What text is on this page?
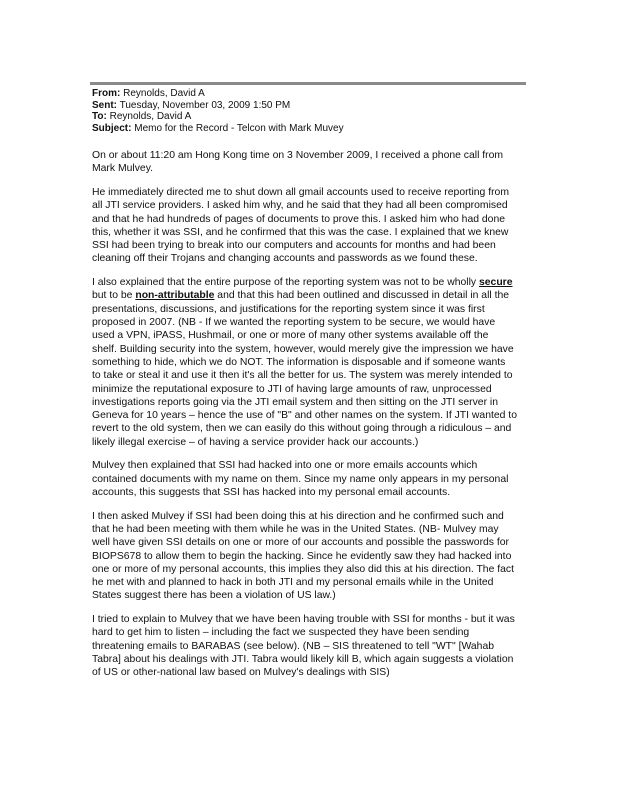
From: Reynolds, David A
Sent: Tuesday, November 03, 2009 1:50 PM
To: Reynolds, David A
Subject: Memo for the Record - Telcon with Mark Muvey

On or about 11:20 am Hong Kong time on 3 November 2009, I received a phone call from
Mark Mulvey.

He immediately directed me to shut down all gmail accounts used to receive reporting from
all JTI service providers. I asked him why, and he said that they had all been compromised
and that he had hundreds of pages of documents to prove this. I asked him who had done
this, whether it was SSI, and he confirmed that this was the case. I explained that we knew
SSI had been trying to break into our computers and accounts for months and had been
cleaning off their Trojans and changing accounts and passwords as we found these.

I also explained that the entire purpose of the reporting system was not to be wholly secure
but to be non-attributable and that this had been outlined and discussed in detail in all the
presentations, discussions, and justifications for the reporting system since it was first
proposed in 2007. (NB - If we wanted the reporting system to be secure, we would have
used a VPN, iPASS, Hushmail, or one or more of many other systems available off the
shelf. Building security into the system, however, would merely give the impression we have
something to hide, which we do NOT. The information is disposable and if someone wants
to take or steal it and use it then it's all the better for us. The system was merely intended to
minimize the reputational exposure to JTI of having large amounts of raw, unprocessed
investigations reports going via the JTI email system and then sitting on the JTI server in
Geneva for 10 years – hence the use of "B" and other names on the system. If JTI wanted to
revert to the old system, then we can easily do this without going through a ridiculous – and
likely illegal exercise – of having a service provider hack our accounts.)

Mulvey then explained that SSI had hacked into one or more emails accounts which
contained documents with my name on them. Since my name only appears in my personal
accounts, this suggests that SSI has hacked into my personal email accounts.

I then asked Mulvey if SSI had been doing this at his direction and he confirmed such and
that he had been meeting with them while he was in the United States. (NB- Mulvey may
well have given SSI details on one or more of our accounts and possible the passwords for
BIOPS678 to allow them to begin the hacking. Since he evidently saw they had hacked into
one or more of my personal accounts, this implies they also did this at his direction. The fact
he met with and planned to hack in both JTI and my personal emails while in the United
States suggest there has been a violation of US law.)

I tried to explain to Mulvey that we have been having trouble with SSI for months - but it was
hard to get him to listen – including the fact we suspected they have been sending
threatening emails to BARABAS (see below). (NB – SIS threatened to tell "WT" [Wahab
Tabra] about his dealings with JTI. Tabra would likely kill B, which again suggests a violation
of US or other-national law based on Mulvey's dealings with SIS)
